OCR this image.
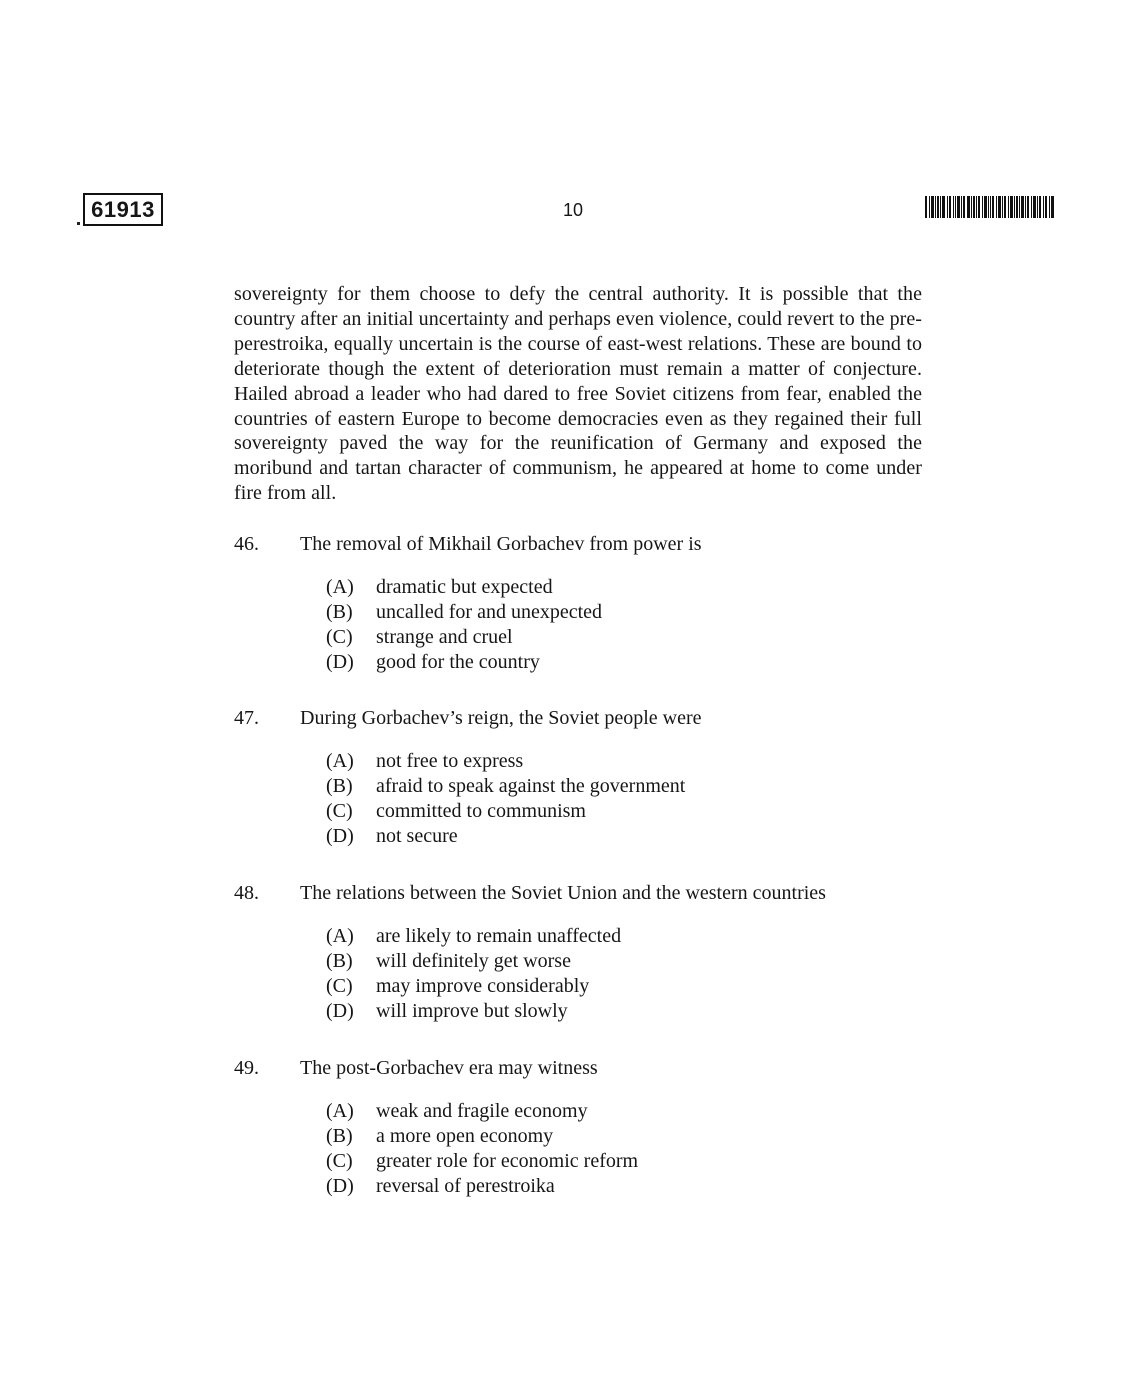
61913	10

sovereignty for them choose to defy the central authority. It is possible that the country after an initial uncertainty and perhaps even violence, could revert to the pre-perestroika, equally uncertain is the course of east-west relations. These are bound to deteriorate though the extent of deterioration must remain a matter of conjecture. Hailed abroad a leader who had dared to free Soviet citizens from fear, enabled the countries of eastern Europe to become democracies even as they regained their full sovereignty paved the way for the reunification of Germany and exposed the moribund and tartan character of communism, he appeared at home to come under fire from all.

46. The removal of Mikhail Gorbachev from power is
(A) dramatic but expected
(B) uncalled for and unexpected
(C) strange and cruel
(D) good for the country
47. During Gorbachev’s reign, the Soviet people were
(A) not free to express
(B) afraid to speak against the government
(C) committed to communism
(D) not secure
48. The relations between the Soviet Union and the western countries
(A) are likely to remain unaffected
(B) will definitely get worse
(C) may improve considerably
(D) will improve but slowly
49. The post-Gorbachev era may witness
(A) weak and fragile economy
(B) a more open economy
(C) greater role for economic reform
(D) reversal of perestroika
